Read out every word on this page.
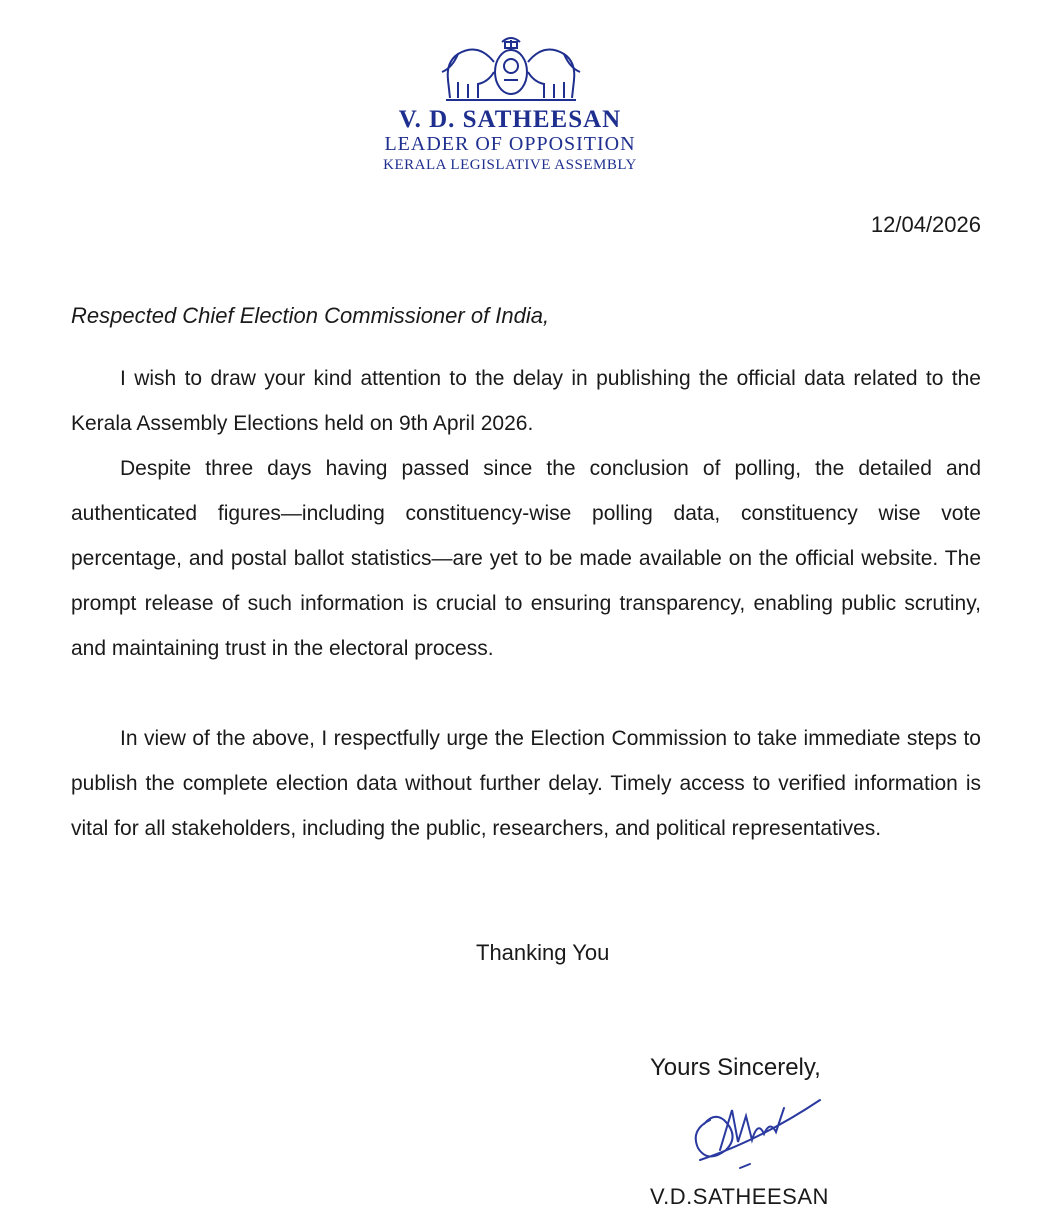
V. D. SATHEESAN

LEADER OF OPPOSITION

KERALA LEGISLATIVE ASSEMBLY

12/04/2026

Respected Chief Election Commissioner of India,

I wish to draw your kind attention to the delay in publishing the official data related to the Kerala Assembly Elections held on 9th April 2026.

Despite three days having passed since the conclusion of polling, the detailed and authenticated figures—including constituency-wise polling data, constituency wise vote percentage, and postal ballot statistics—are yet to be made available on the official website. The prompt release of such information is crucial to ensuring transparency, enabling public scrutiny, and maintaining trust in the electoral process.

In view of the above, I respectfully urge the Election Commission to take immediate steps to publish the complete election data without further delay. Timely access to verified information is vital for all stakeholders, including the public, researchers, and political representatives.

Thanking You

Yours Sincerely,

V.D.SATHEESAN
